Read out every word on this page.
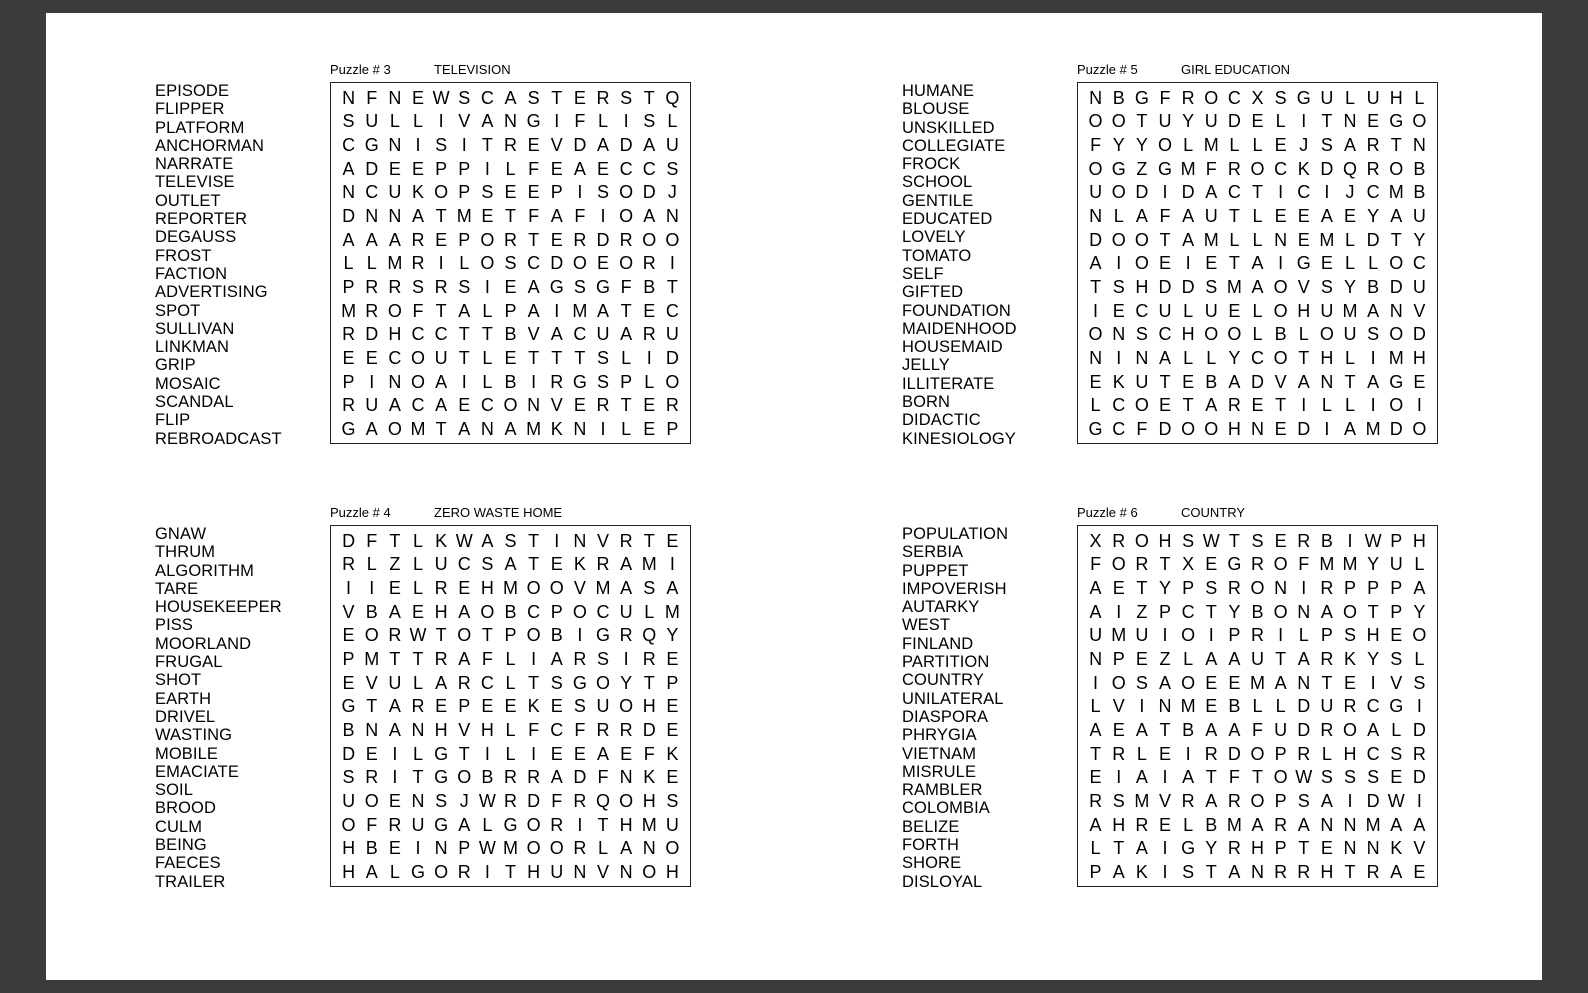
EPISODE
FLIPPER
PLATFORM
ANCHORMAN
NARRATE
TELEVISE
OUTLET
REPORTER
DEGAUSS
FROST
FACTION
ADVERTISING
SPOT
SULLIVAN
LINKMAN
GRIP
MOSAIC
SCANDAL
FLIP
REBROADCAST
Puzzle # 3	TELEVISION
N F N E W S C A S T E R S T Q
S U L L I V A N G I F L I S L
C G N I S I T R E V D A D A U
A D E E P P I L F E A E C C S
N C U K O P S E E P I S O D J
D N N A T M E T F A F I O A N
A A A R E P O R T E R D R O O
L L M R I L O S C D O E O R I
P R R S R S I E A G S G F B T
M R O F T A L P A I M A T E C
R D H C C T T B V A C U A R U
E E C O U T L E T T T S L I D
P I N O A I L B I R G S P L O
R U A C A E C O N V E R T E R
G A O M T A N A M K N I L E P
GNAW
THRUM
ALGORITHM
TARE
HOUSEKEEPER
PISS
MOORLAND
FRUGAL
SHOT
EARTH
DRIVEL
WASTING
MOBILE
EMACIATE
SOIL
BROOD
CULM
BEING
FAECES
TRAILER
Puzzle # 4	ZERO WASTE HOME
D F T L K W A S T I N V R T E
R L Z L U C S A T E K R A M I
I	I E L R E H M O O V M A S A
V B A E H A O B C P O C U L M
E O R W T O T P O B I G R Q Y
P M T T R A F L I A R S I R E
E V U L A R C L T S G O Y T P
G T A R E P E E K E S U O H E
B N A N H V H L F C F R R D E
D E I L G T I L I E E A E F K
S R I T G O B R R A D F N K E
U O E N S J W R D F R Q O H S
O F R U G A L G O R I T H M U
H B E I N P W M O O R L A N O
H A L G O R I T H U N V N O H
HUMANE
BLOUSE
UNSKILLED
COLLEGIATE
FROCK
SCHOOL
GENTILE
EDUCATED
LOVELY
TOMATO
SELF
GIFTED
FOUNDATION
MAIDENHOOD
HOUSEMAID
JELLY
ILLITERATE
BORN
DIDACTIC
KINESIOLOGY
Puzzle # 5	GIRL EDUCATION
N B G F R O C X S G U L U H L
O O T U Y U D E L I T N E G O
F Y Y O L M L L E J S A R T N
O G Z G M F R O C K D Q R O B
U O D I D A C T I C I J C M B
N L A F A U T L E E A E Y A U
D O O T A M L L N E M L D T Y
A I O E I E T A I G E L L O C
T S H D D S M A O V S Y B D U
I E C U L U E L O H U M A N V
O N S C H O O L B L O U S O D
N I N A L L Y C O T H L I M H
E K U T E B A D V A N T A G E
L C O E T A R E T I L L I O I
G C F D O O H N E D I A M D O
POPULATION
SERBIA
PUPPET
IMPOVERISH
AUTARKY
WEST
FINLAND
PARTITION
COUNTRY
UNILATERAL
DIASPORA
PHRYGIA
VIETNAM
MISRULE
RAMBLER
COLOMBIA
BELIZE
FORTH
SHORE
DISLOYAL
Puzzle # 6	COUNTRY
X R O H S W T S E R B I W P H
F O R T X E G R O F M M Y U L
A E T Y P S R O N I R P P P A
A I Z P C T Y B O N A O T P Y
U M U I O I P R I L P S H E O
N P E Z L A A U T A R K Y S L
I O S A O E E M A N T E I V S
L V I N M E B L L D U R C G I
A E A T B A A F U D R O A L D
T R L E I R D O P R L H C S R
E I A I A T F T O W S S S E D
R S M V R A R O P S A I D W I
A H R E L B M A R A N N M A A
L T A I G Y R H P T E N N K V
P A K I S T A N R R H T R A E
